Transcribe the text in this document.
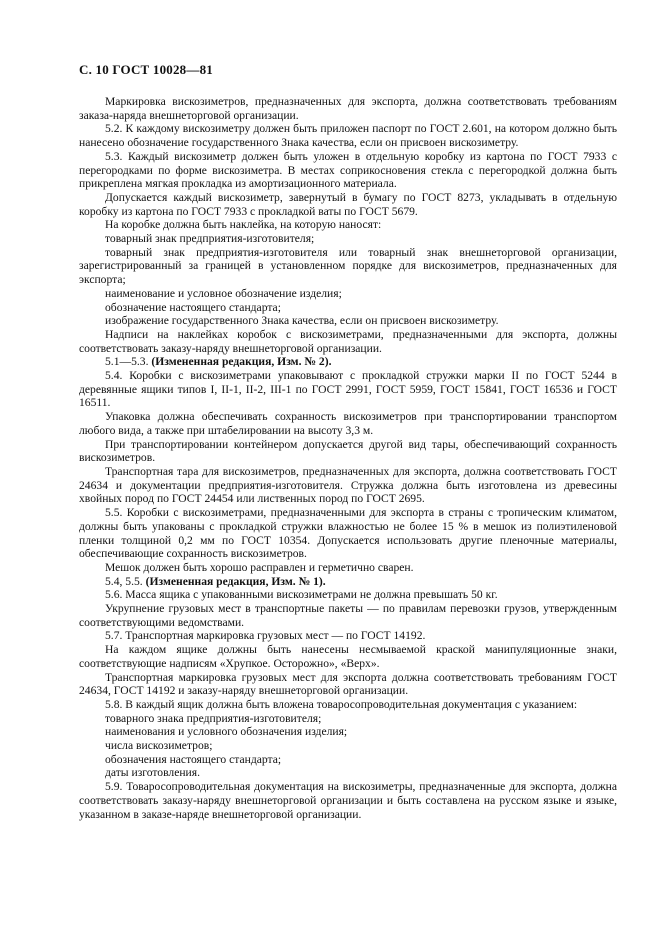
С. 10 ГОСТ 10028—81

Маркировка вискозиметров, предназначенных для экспорта, должна соответствовать требованиям заказа-наряда внешнеторговой организации.

5.2. К каждому вискозиметру должен быть приложен паспорт по ГОСТ 2.601, на котором должно быть нанесено обозначение государственного Знака качества, если он присвоен вискозиметру.

5.3. Каждый вискозиметр должен быть уложен в отдельную коробку из картона по ГОСТ 7933 с перегородками по форме вискозиметра. В местах соприкосновения стекла с перегородкой должна быть прикреплена мягкая прокладка из амортизационного материала.

Допускается каждый вискозиметр, завернутый в бумагу по ГОСТ 8273, укладывать в отдельную коробку из картона по ГОСТ 7933 с прокладкой ваты по ГОСТ 5679.

На коробке должна быть наклейка, на которую наносят:

товарный знак предприятия-изготовителя;

товарный знак предприятия-изготовителя или товарный знак внешнеторговой организации, зарегистрированный за границей в установленном порядке для вискозиметров, предназначенных для экспорта;

наименование и условное обозначение изделия;

обозначение настоящего стандарта;

изображение государственного Знака качества, если он присвоен вискозиметру.

Надписи на наклейках коробок с вискозиметрами, предназначенными для экспорта, должны соответствовать заказу-наряду внешнеторговой организации.

5.1—5.3. (Измененная редакция, Изм. № 2).

5.4. Коробки с вискозиметрами упаковывают с прокладкой стружки марки II по ГОСТ 5244 в деревянные ящики типов I, II-1, II-2, III-1 по ГОСТ 2991, ГОСТ 5959, ГОСТ 15841, ГОСТ 16536 и ГОСТ 16511.

Упаковка должна обеспечивать сохранность вискозиметров при транспортировании транспортом любого вида, а также при штабелировании на высоту 3,3 м.

При транспортировании контейнером допускается другой вид тары, обеспечивающий сохранность вискозиметров.

Транспортная тара для вискозиметров, предназначенных для экспорта, должна соответствовать ГОСТ 24634 и документации предприятия-изготовителя. Стружка должна быть изготовлена из древесины хвойных пород по ГОСТ 24454 или лиственных пород по ГОСТ 2695.

5.5. Коробки с вискозиметрами, предназначенными для экспорта в страны с тропическим климатом, должны быть упакованы с прокладкой стружки влажностью не более 15 % в мешок из полиэтиленовой пленки толщиной 0,2 мм по ГОСТ 10354. Допускается использовать другие пленочные материалы, обеспечивающие сохранность вискозиметров.

Мешок должен быть хорошо расправлен и герметично сварен.

5.4, 5.5. (Измененная редакция, Изм. № 1).

5.6. Масса ящика с упакованными вискозиметрами не должна превышать 50 кг.

Укрупнение грузовых мест в транспортные пакеты — по правилам перевозки грузов, утвержденным соответствующими ведомствами.

5.7. Транспортная маркировка грузовых мест — по ГОСТ 14192.

На каждом ящике должны быть нанесены несмываемой краской манипуляционные знаки, соответствующие надписям «Хрупкое. Осторожно», «Верх».

Транспортная маркировка грузовых мест для экспорта должна соответствовать требованиям ГОСТ 24634, ГОСТ 14192 и заказу-наряду внешнеторговой организации.

5.8. В каждый ящик должна быть вложена товаросопроводительная документация с указанием:

товарного знака предприятия-изготовителя;

наименования и условного обозначения изделия;

числа вискозиметров;

обозначения настоящего стандарта;

даты изготовления.

5.9. Товаросопроводительная документация на вискозиметры, предназначенные для экспорта, должна соответствовать заказу-наряду внешнеторговой организации и быть составлена на русском языке и языке, указанном в заказе-наряде внешнеторговой организации.
